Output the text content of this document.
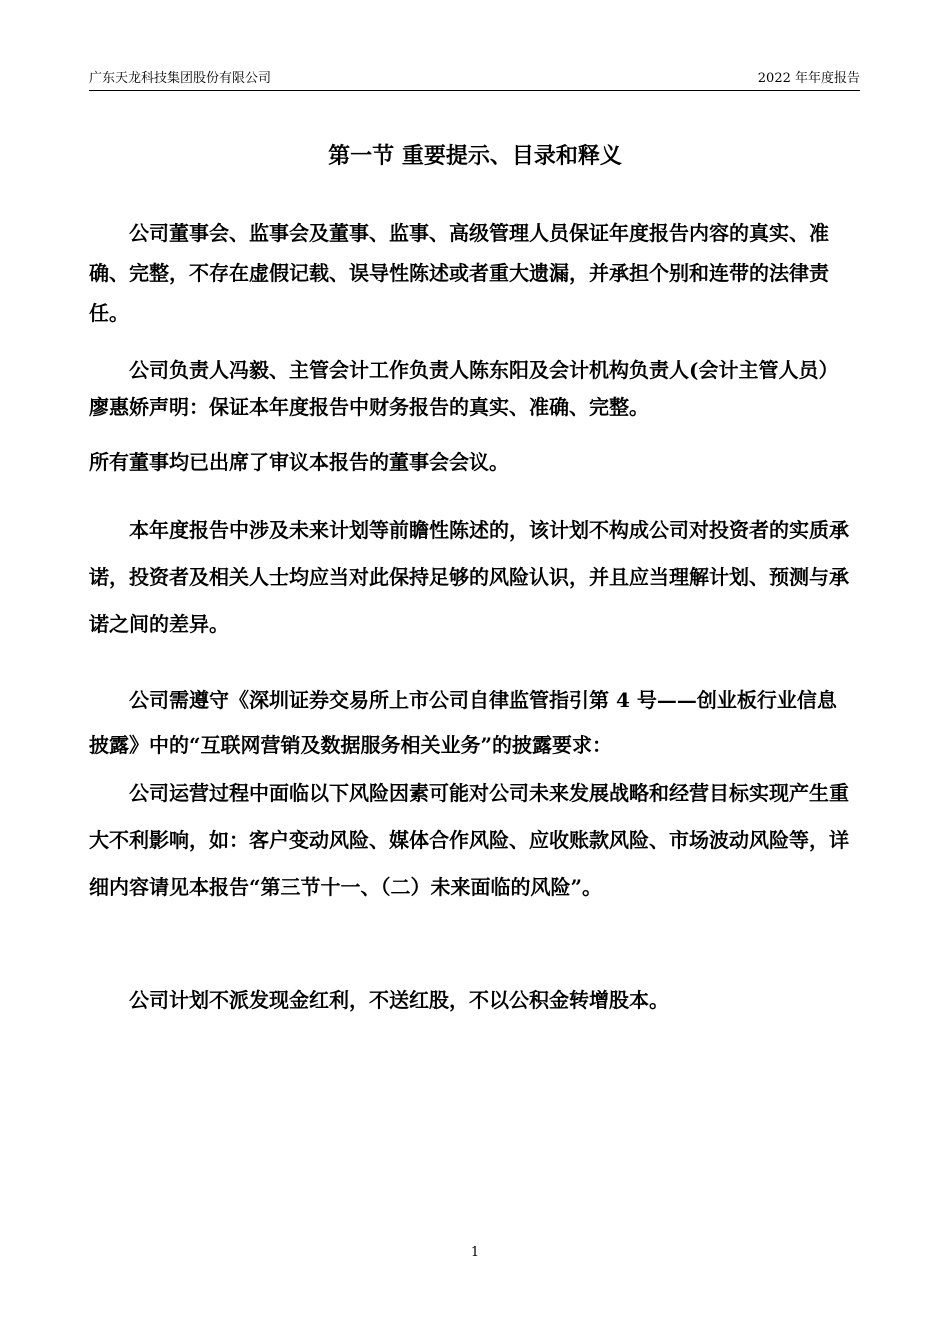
广东天龙科技集团股份有限公司	2022 年年度报告
第一节 重要提示、目录和释义

公司董事会、监事会及董事、监事、高级管理人员保证年度报告内容的真实、准确、完整，不存在虚假记载、误导性陈述或者重大遗漏，并承担个别和连带的法律责任。

公司负责人冯毅、主管会计工作负责人陈东阳及会计机构负责人(会计主管人员）廖惠娇声明：保证本年度报告中财务报告的真实、准确、完整。

所有董事均已出席了审议本报告的董事会会议。

本年度报告中涉及未来计划等前瞻性陈述的，该计划不构成公司对投资者的实质承诺，投资者及相关人士均应当对此保持足够的风险认识，并且应当理解计划、预测与承诺之间的差异。

公司需遵守《深圳证券交易所上市公司自律监管指引第 4 号——创业板行业信息披露》中的“互联网营销及数据服务相关业务”的披露要求：

公司运营过程中面临以下风险因素可能对公司未来发展战略和经营目标实现产生重大不利影响，如：客户变动风险、媒体合作风险、应收账款风险、市场波动风险等，详细内容请见本报告“第三节十一、（二）未来面临的风险”。

公司计划不派发现金红利，不送红股，不以公积金转增股本。

1
